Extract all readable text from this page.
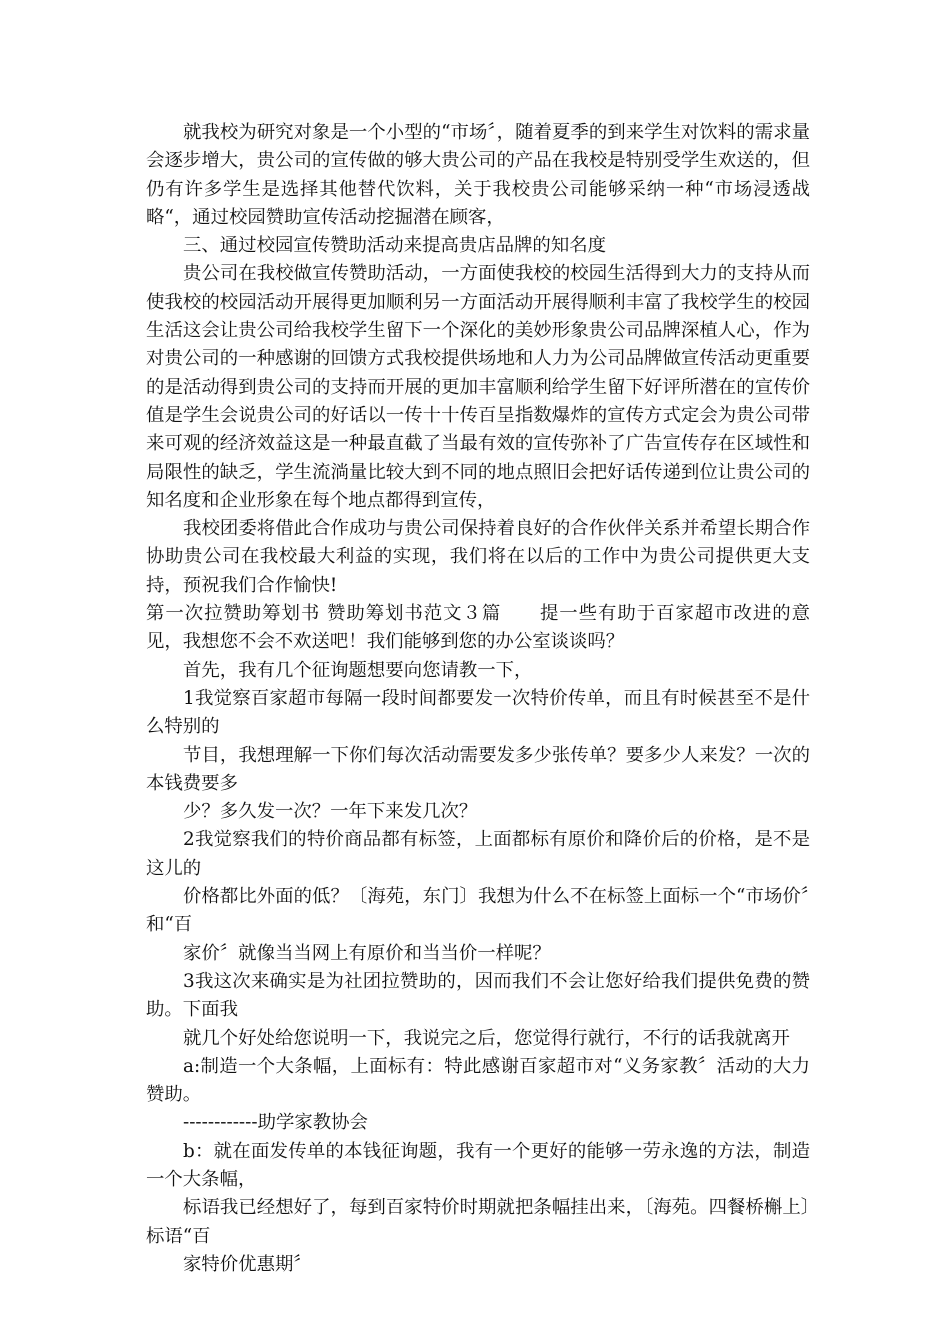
就我校为研究对象是一个小型的“市场〞，随着夏季的到来学生对饮料的需求量会逐步增大，贵公司的宣传做的够大贵公司的产品在我校是特别受学生欢送的，但仍有许多学生是选择其他替代饮料，关于我校贵公司能够采纳一种“市场浸透战略“，通过校园赞助宣传活动挖掘潜在顾客，

三、通过校园宣传赞助活动来提高贵店品牌的知名度

贵公司在我校做宣传赞助活动，一方面使我校的校园生活得到大力的支持从而使我校的校园活动开展得更加顺利另一方面活动开展得顺利丰富了我校学生的校园生活这会让贵公司给我校学生留下一个深化的美妙形象贵公司品牌深植人心，作为对贵公司的一种感谢的回馈方式我校提供场地和人力为公司品牌做宣传活动更重要的是活动得到贵公司的支持而开展的更加丰富顺利给学生留下好评所潜在的宣传价值是学生会说贵公司的好话以一传十十传百呈指数爆炸的宣传方式定会为贵公司带来可观的经济效益这是一种最直截了当最有效的宣传弥补了广告宣传存在区域性和局限性的缺乏，学生流淌量比较大到不同的地点照旧会把好话传递到位让贵公司的知名度和企业形象在每个地点都得到宣传，

我校团委将借此合作成功与贵公司保持着良好的合作伙伴关系并希望长期合作协助贵公司在我校最大利益的实现，我们将在以后的工作中为贵公司提供更大支持，预祝我们合作愉快!

第一次拉赞助筹划书 赞助筹划书范文３篇　　提一些有助于百家超市改进的意见，我想您不会不欢送吧！我们能够到您的办公室谈谈吗？

首先，我有几个征询题想要向您请教一下，

1我觉察百家超市每隔一段时间都要发一次特价传单，而且有时候甚至不是什么特别的

节目，我想理解一下你们每次活动需要发多少张传单？要多少人来发？一次的本钱费要多

少？多久发一次？一年下来发几次？

2我觉察我们的特价商品都有标签，上面都标有原价和降价后的价格，是不是这儿的

价格都比外面的低？〔海苑，东门〕我想为什么不在标签上面标一个“市场价〞和“百

家价〞就像当当网上有原价和当当价一样呢？

3我这次来确实是为社团拉赞助的，因而我们不会让您好给我们提供免费的赞助。下面我

就几个好处给您说明一下，我说完之后，您觉得行就行，不行的话我就离开

a:制造一个大条幅，上面标有：特此感谢百家超市对“义务家教〞活动的大力赞助。

------------助学家教协会

b：就在面发传单的本钱征询题，我有一个更好的能够一劳永逸的方法，制造一个大条幅，

标语我已经想好了，每到百家特价时期就把条幅挂出来，〔海苑。四餐桥槲上〕标语“百

家特价优惠期〞
